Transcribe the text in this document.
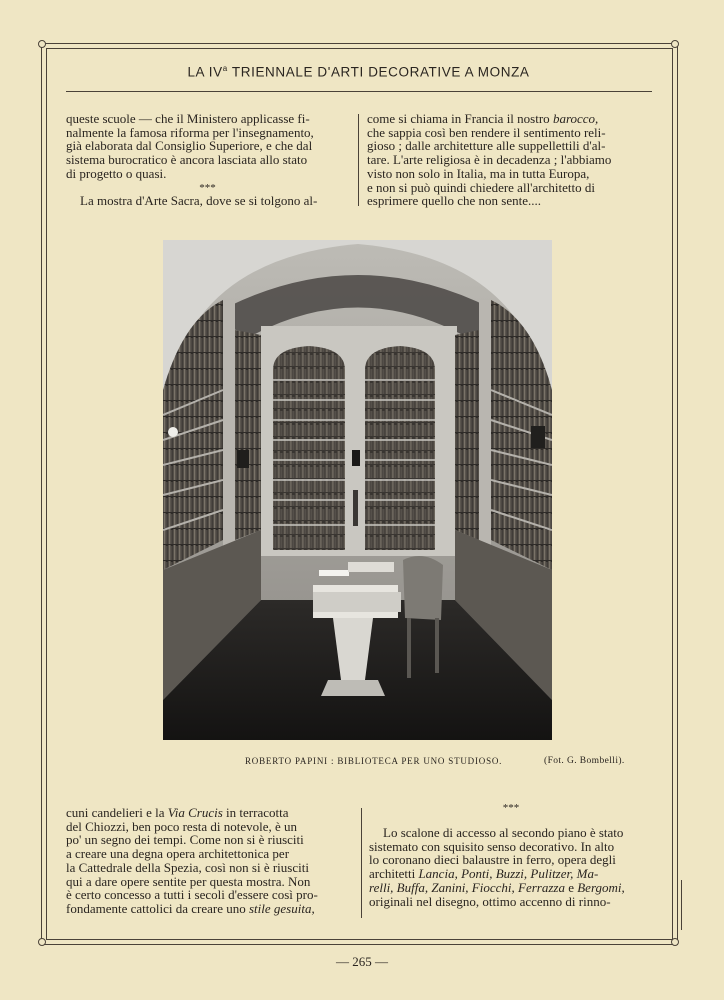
LA $IV^a$ TRIENNALE D'ARTI DECORATIVE A MONZA

queste scuole — che il Ministero applicasse fi-

nalmente la famosa riforma per l'insegnamento,

già elaborata dal Consiglio Superiore, e che dal

sistema burocratico è ancora lasciata allo stato

di progetto o quasi.

***

La mostra d'Arte Sacra, dove se si tolgono al-

come si chiama in Francia il nostro barocco,

che sappia così ben rendere il sentimento reli-

gioso ; dalle architetture alle suppellettili d'al-

tare. L'arte religiosa è in decadenza ; l'abbiamo

visto non solo in Italia, ma in tutta Europa,

e non si può quindi chiedere all'architetto di

esprimere quello che non sente....

ROBERTO PAPINI : BIBLIOTECA PER UNO STUDIOSO.	(Fot. G. Bombelli).

cuni candelieri e la Via Crucis in terracotta

del Chiozzi, ben poco resta di notevole, è un

po' un segno dei tempi. Come non si è riusciti

a creare una degna opera architettonica per

la Cattedrale della Spezia, così non si è riusciti

qui a dare opere sentite per questa mostra. Non

è certo concesso a tutti i secoli d'essere così pro-

fondamente cattolici da creare uno stile gesuita,

***

Lo scalone di accesso al secondo piano è stato

sistemato con squisito senso decorativo. In alto

lo coronano dieci balaustre in ferro, opera degli

architetti Lancia, Ponti, Buzzi, Pulitzer, Ma-

relli, Buffa, Zanini, Fiocchi, Ferrazza e Bergomi,

originali nel disegno, ottimo accenno di rinno-

— 265 —
